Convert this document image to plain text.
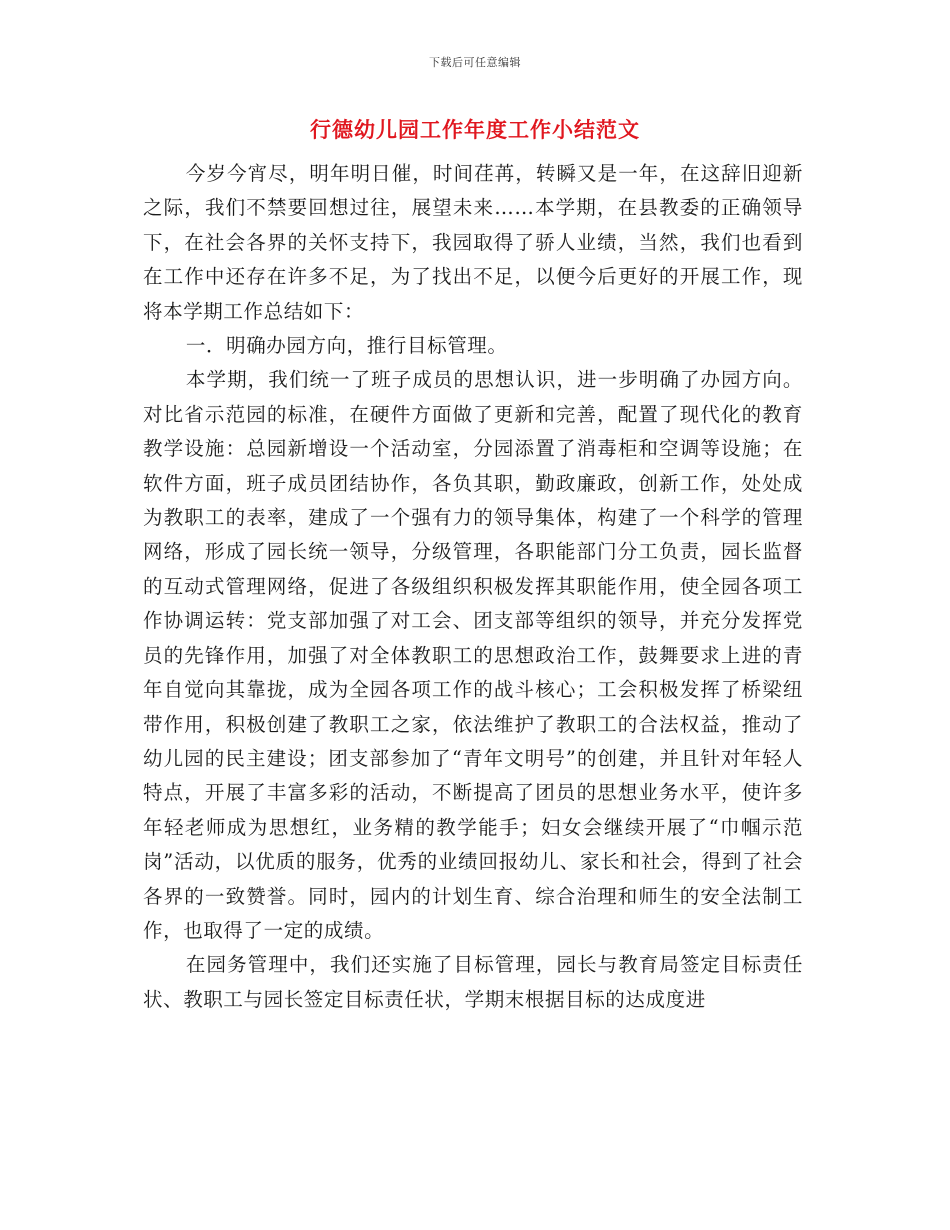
下载后可任意编辑
行德幼儿园工作年度工作小结范文

今岁今宵尽，明年明日催，时间荏苒，转瞬又是一年，在这辞旧迎新之际，我们不禁要回想过往，展望未来……本学期，在县教委的正确领导下，在社会各界的关怀支持下，我园取得了骄人业绩，当然，我们也看到在工作中还存在许多不足，为了找出不足，以便今后更好的开展工作，现将本学期工作总结如下：

一．明确办园方向，推行目标管理。

本学期，我们统一了班子成员的思想认识，进一步明确了办园方向。对比省示范园的标准，在硬件方面做了更新和完善，配置了现代化的教育教学设施：总园新增设一个活动室，分园添置了消毒柜和空调等设施；在软件方面，班子成员团结协作，各负其职，勤政廉政，创新工作，处处成为教职工的表率，建成了一个强有力的领导集体，构建了一个科学的管理网络，形成了园长统一领导，分级管理，各职能部门分工负责，园长监督的互动式管理网络，促进了各级组织积极发挥其职能作用，使全园各项工作协调运转：党支部加强了对工会、团支部等组织的领导，并充分发挥党员的先锋作用，加强了对全体教职工的思想政治工作，鼓舞要求上进的青年自觉向其靠拢，成为全园各项工作的战斗核心；工会积极发挥了桥梁纽带作用，积极创建了教职工之家，依法维护了教职工的合法权益，推动了幼儿园的民主建设；团支部参加了“青年文明号”的创建，并且针对年轻人特点，开展了丰富多彩的活动，不断提高了团员的思想业务水平，使许多年轻老师成为思想红，业务精的教学能手；妇女会继续开展了“巾帼示范岗”活动，以优质的服务，优秀的业绩回报幼儿、家长和社会，得到了社会各界的一致赞誉。同时，园内的计划生育、综合治理和师生的安全法制工作，也取得了一定的成绩。

在园务管理中，我们还实施了目标管理，园长与教育局签定目标责任状、教职工与园长签定目标责任状，学期末根据目标的达成度进
